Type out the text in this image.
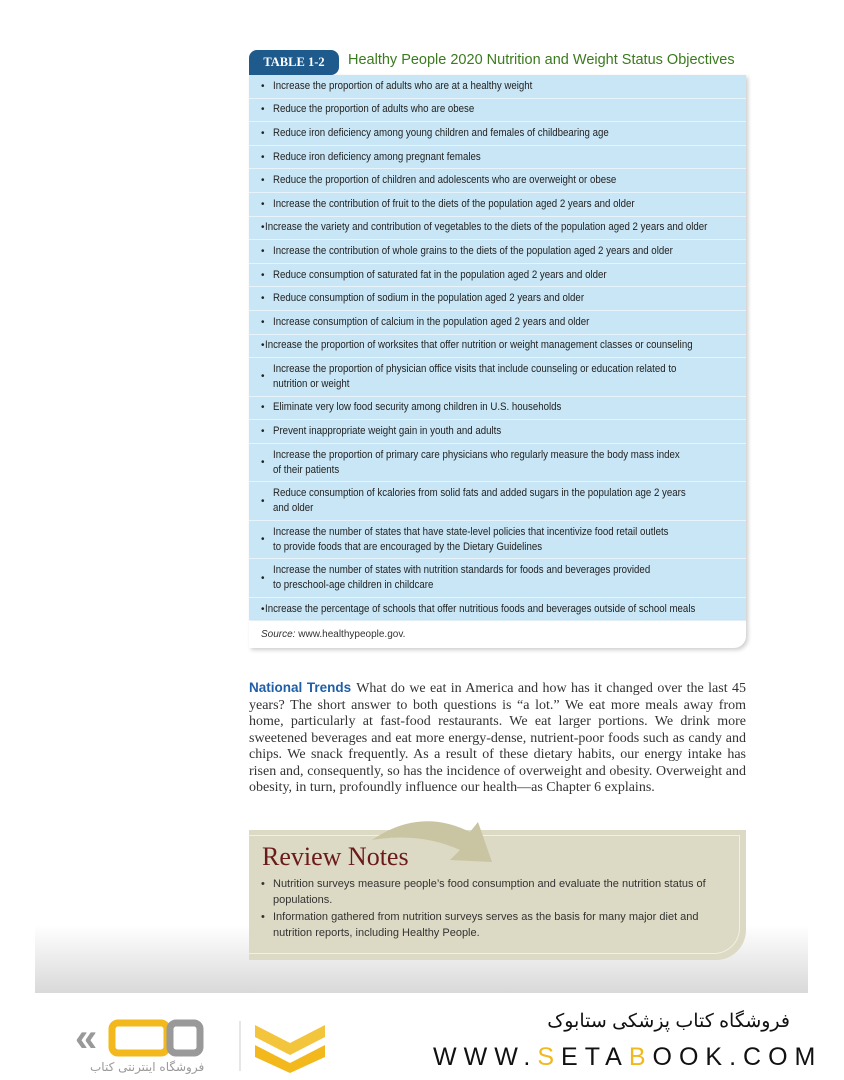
TABLE 1-2	Healthy People 2020 Nutrition and Weight Status Objectives
• Increase the proportion of adults who are at a healthy weight
• Reduce the proportion of adults who are obese
• Reduce iron deficiency among young children and females of childbearing age
• Reduce iron deficiency among pregnant females
• Reduce the proportion of children and adolescents who are overweight or obese
• Increase the contribution of fruit to the diets of the population aged 2 years and older
• Increase the variety and contribution of vegetables to the diets of the population aged 2 years and older
• Increase the contribution of whole grains to the diets of the population aged 2 years and older
• Reduce consumption of saturated fat in the population aged 2 years and older
• Reduce consumption of sodium in the population aged 2 years and older
• Increase consumption of calcium in the population aged 2 years and older
• Increase the proportion of worksites that offer nutrition or weight management classes or counseling
•
Increase the proportion of physician office visits that include counseling or education related to
nutrition or weight
• Eliminate very low food security among children in U.S. households
• Prevent inappropriate weight gain in youth and adults
•
Increase the proportion of primary care physicians who regularly measure the body mass index
of their patients
•
Reduce consumption of kcalories from solid fats and added sugars in the population age 2 years
and older
•
Increase the number of states that have state-level policies that incentivize food retail outlets
to provide foods that are encouraged by the Dietary Guidelines
•
Increase the number of states with nutrition standards for foods and beverages provided
to preschool-age children in childcare
• Increase the percentage of schools that offer nutritious foods and beverages outside of school meals
Source: www.healthypeople.gov.
National Trends What do we eat in America and how has it changed over the last 45 years? The short answer to both questions is “a lot.” We eat more meals away from home, particularly at fast-food restaurants. We eat larger portions. We drink more sweetened beverages and eat more energy-dense, nutrient-poor foods such as candy and chips. We snack frequently. As a result of these dietary habits, our energy intake has risen and, consequently, so has the incidence of overweight and obesity. Overweight and obesity, in turn, profoundly influence our health—as Chapter 6 explains.
Review Notes
• Nutrition surveys measure people’s food consumption and evaluate the nutrition status of populations.
• Information gathered from nutrition surveys serves as the basis for many major diet and nutrition reports, including Healthy People.
«
فروشگاه اینترنتی کتاب
فروشگاه کتاب پزشکی ستابوک
WWW.SETABOOK.COM
